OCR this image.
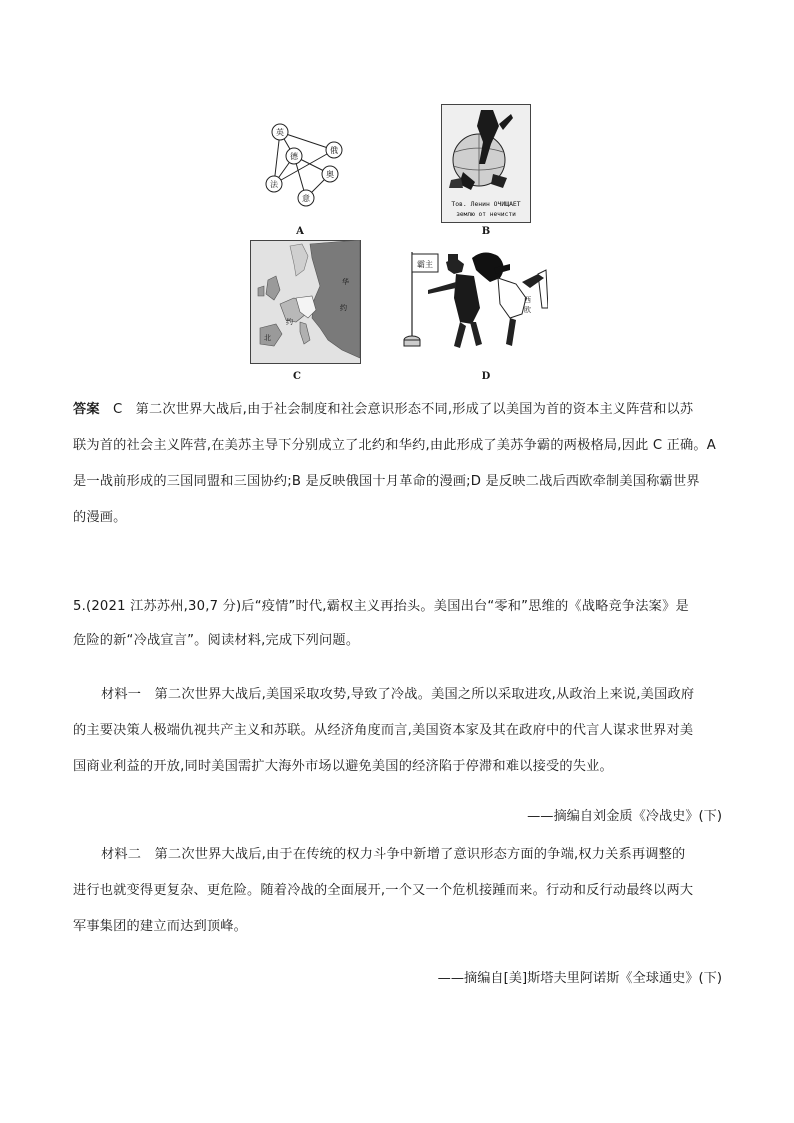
英
德
俄
法
奥
意
A
Тов. Ленин ОЧИЩАЕТ
землю от нечисти
B
华
约
约
北
C
霸主
西
欧
D
答案 C 第二次世界大战后,由于社会制度和社会意识形态不同,形成了以美国为首的资本主义阵营和以苏
联为首的社会主义阵营,在美苏主导下分别成立了北约和华约,由此形成了美苏争霸的两极格局,因此 C 正确。A
是一战前形成的三国同盟和三国协约;B 是反映俄国十月革命的漫画;D 是反映二战后西欧牵制美国称霸世界
的漫画。
5.(2021 江苏苏州,30,7 分)后“疫情”时代,霸权主义再抬头。美国出台“零和”思维的《战略竞争法案》是
危险的新“冷战宣言”。阅读材料,完成下列问题。
材料一　第二次世界大战后,美国采取攻势,导致了冷战。美国之所以采取进攻,从政治上来说,美国政府
的主要决策人极端仇视共产主义和苏联。从经济角度而言,美国资本家及其在政府中的代言人谋求世界对美
国商业利益的开放,同时美国需扩大海外市场以避免美国的经济陷于停滞和难以接受的失业。
——摘编自刘金质《冷战史》(下)
材料二　第二次世界大战后,由于在传统的权力斗争中新增了意识形态方面的争端,权力关系再调整的
进行也就变得更复杂、更危险。随着冷战的全面展开,一个又一个危机接踵而来。行动和反行动最终以两大
军事集团的建立而达到顶峰。
——摘编自[美]斯塔夫里阿诺斯《全球通史》(下)
